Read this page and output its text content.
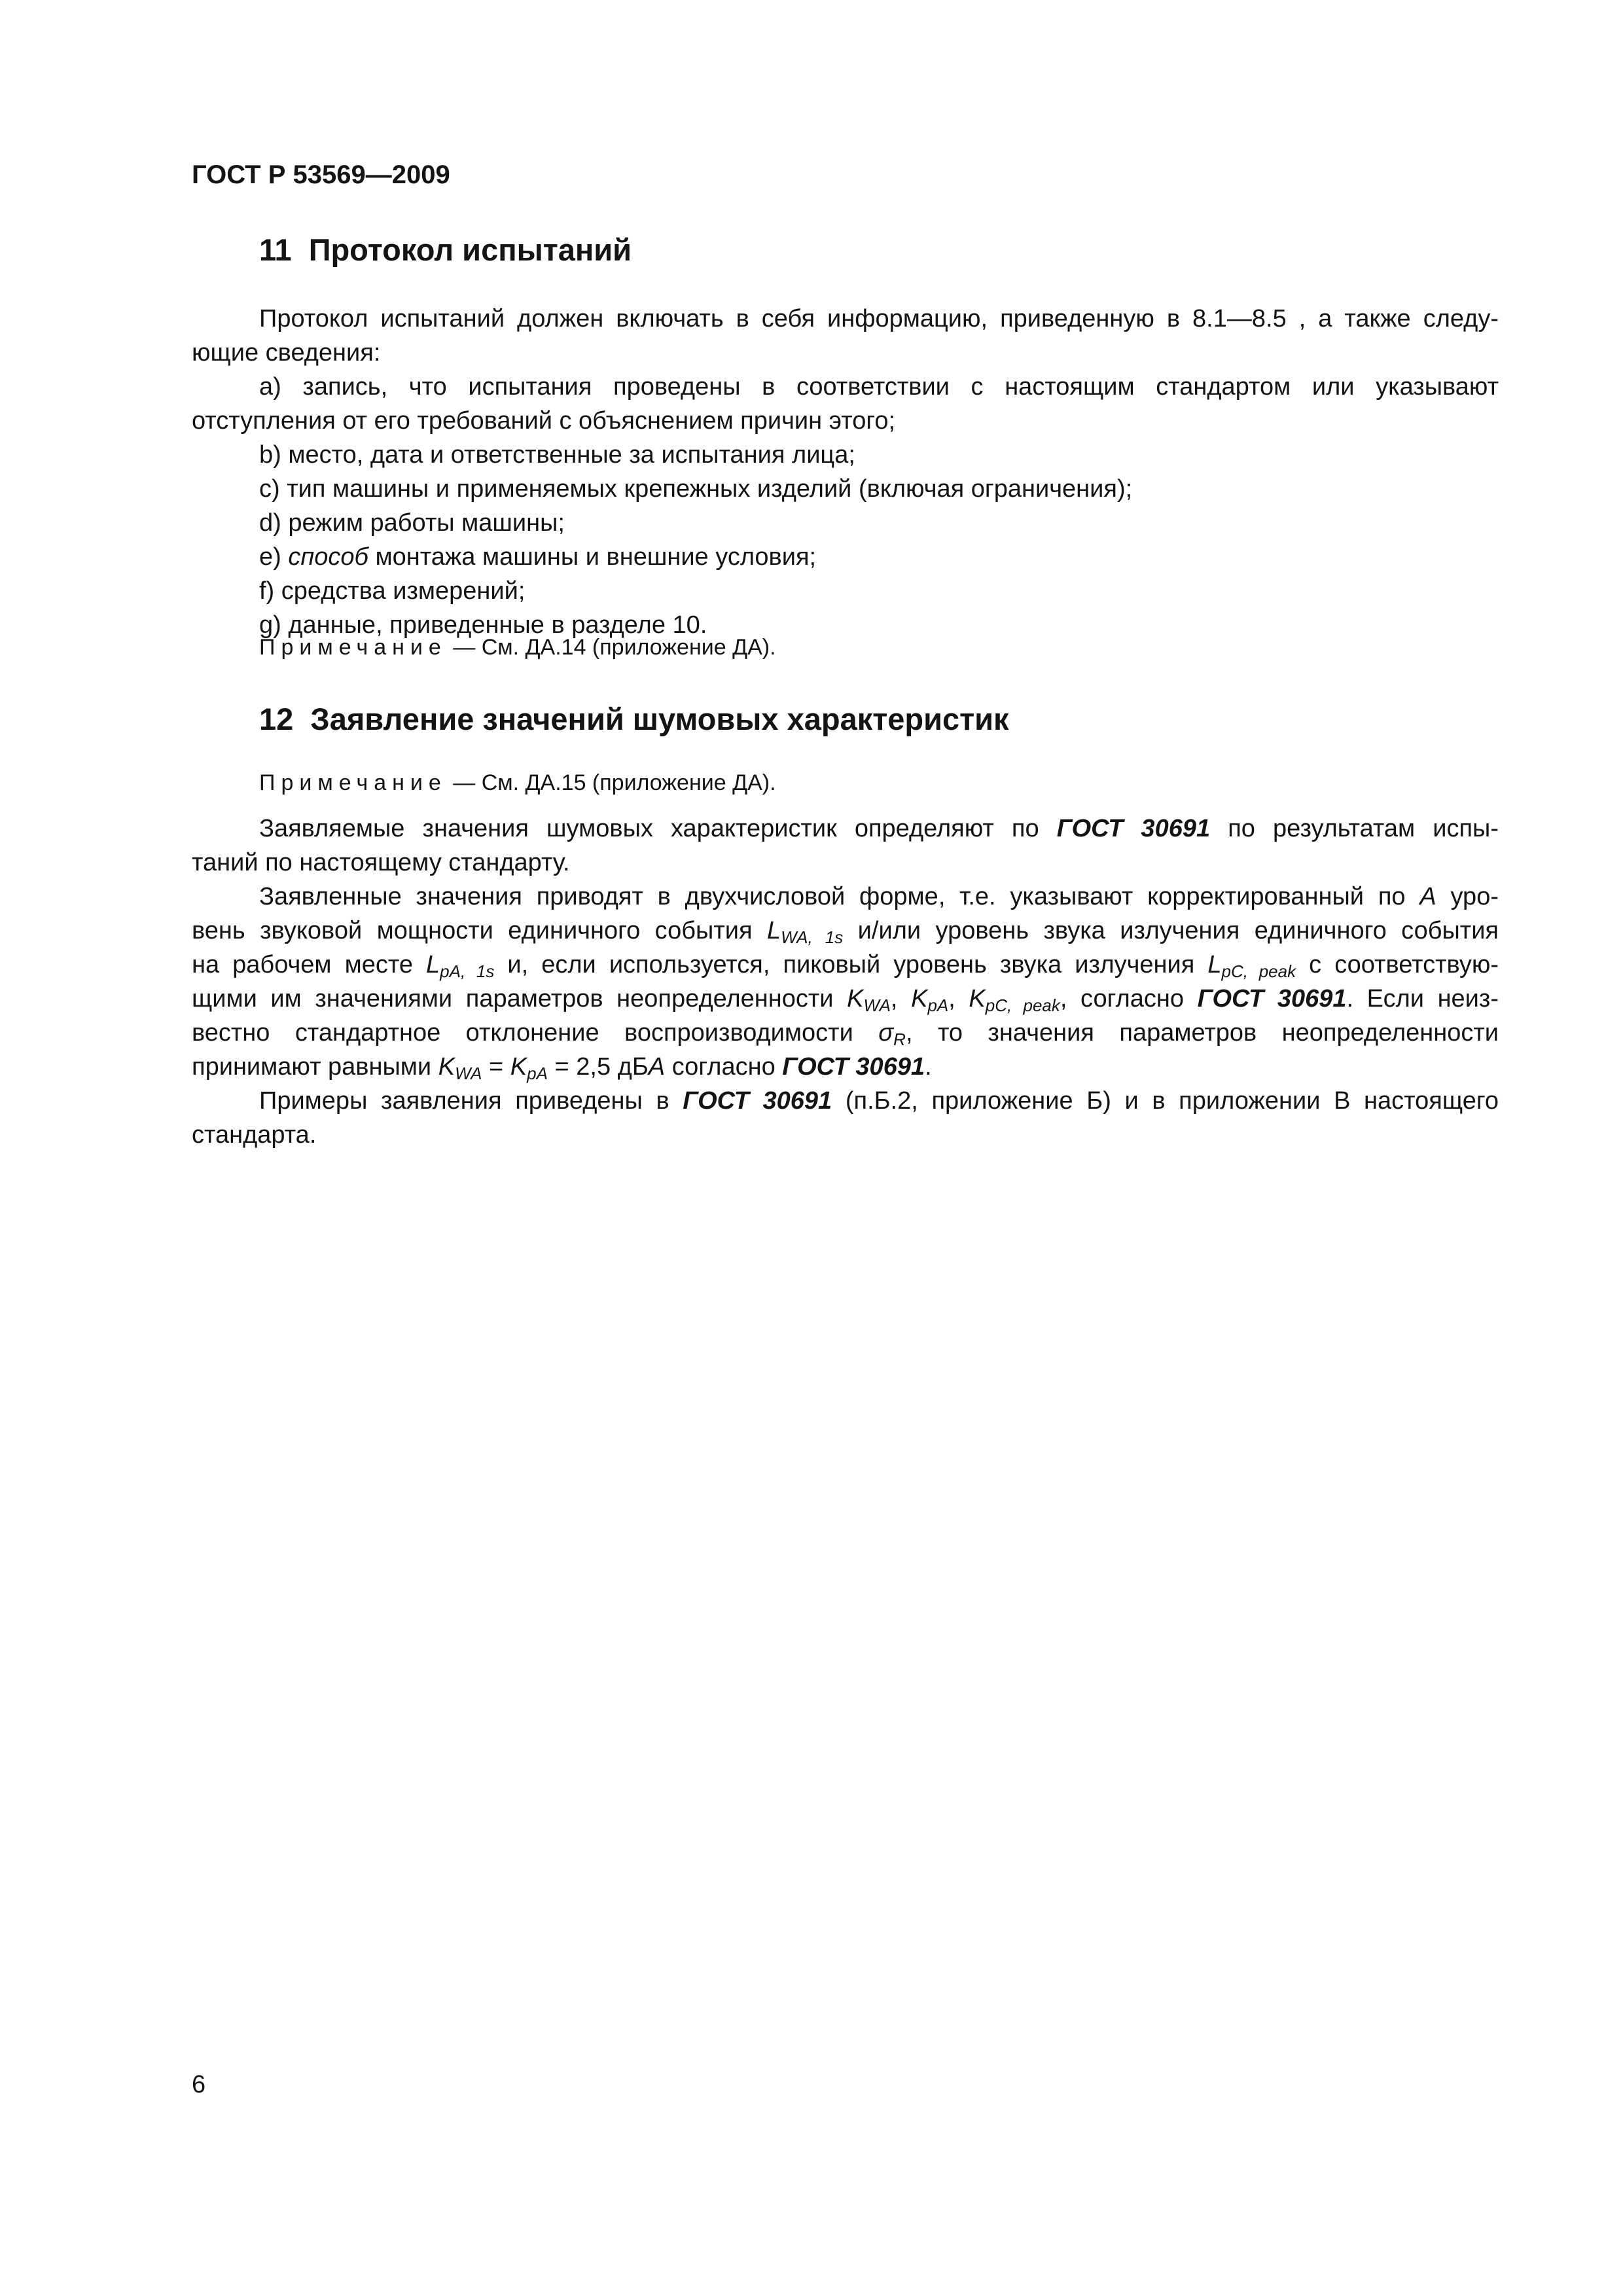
ГОСТ Р 53569—2009
11 Протокол испытаний

Протокол испытаний должен включать в себя информацию, приведенную в 8.1—8.5 , а также следу-

ющие сведения:

a) запись, что испытания проведены в соответствии с настоящим стандартом или указывают

отступления от его требований с объяснением причин этого;

b) место, дата и ответственные за испытания лица;

c) тип машины и применяемых крепежных изделий (включая ограничения);

d) режим работы машины;

e) способ монтажа машины и внешние условия;

f) средства измерений;

g) данные, приведенные в разделе 10.

Примечание — См. ДА.14 (приложение ДА).
12 Заявление значений шумовых характеристик
Примечание — См. ДА.15 (приложение ДА).

Заявляемые значения шумовых характеристик определяют по ГОСТ 30691 по результатам испы-

таний по настоящему стандарту.

Заявленные значения приводят в двухчисловой форме, т.е. указывают корректированный по A уро-

вень звуковой мощности единичного события $L_{WA, 1s}$ и/или уровень звука излучения единичного события

на рабочем месте $L_{pA, 1s}$ и, если используется, пиковый уровень звука излучения $L_{pC, peak}$ с соответствую-

щими им значениями параметров неопределенности $K_{WA}$, $K_{pA}$, $K_{pC, peak}$, согласно ГОСТ 30691. Если неиз-

вестно стандартное отклонение воспроизводимости $\sigma_R$, то значения параметров неопределенности

принимают равными $K_{WA} = K_{pA} = 2,5$ дБA согласно ГОСТ 30691.

Примеры заявления приведены в ГОСТ 30691 (п.Б.2, приложение Б) и в приложении В настоящего

стандарта.

6
